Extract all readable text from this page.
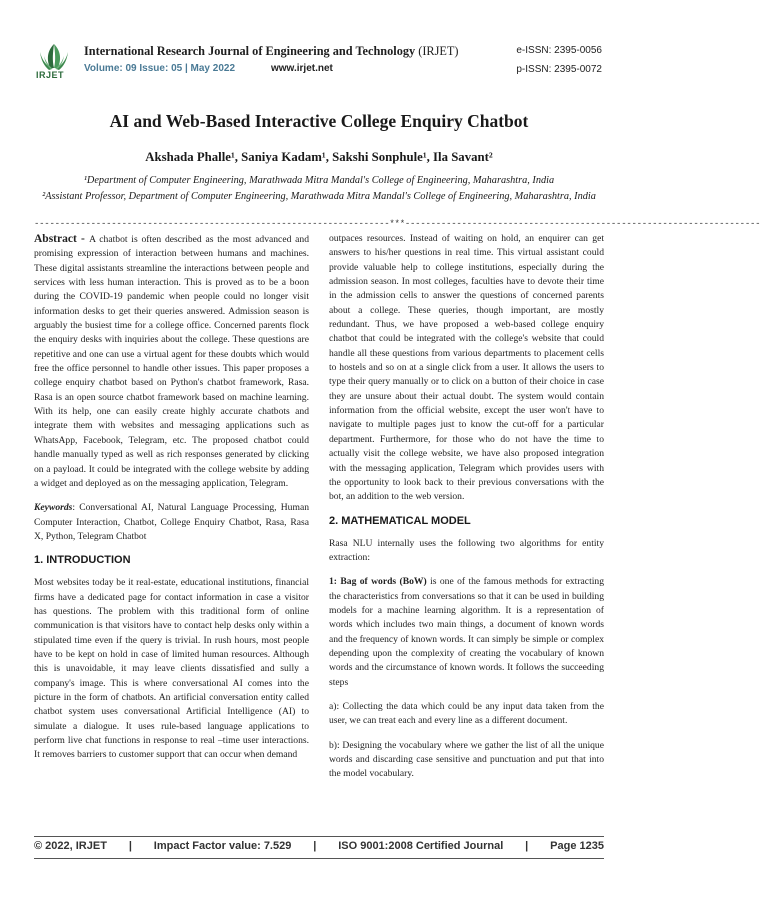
IRJET
International Research Journal of Engineering and Technology (IRJET)
Volume: 09 Issue: 05 | May 2022	www.irjet.net
e-ISSN: 2395-0056
p-ISSN: 2395-0072
AI and Web-Based Interactive College Enquiry Chatbot
Akshada Phalle¹, Saniya Kadam¹, Sakshi Sonphule¹, Ila Savant²
¹Department of Computer Engineering, Marathwada Mitra Mandal's College of Engineering, Maharashtra, India
²Assistant Professor, Department of Computer Engineering, Marathwada Mitra Mandal's College of Engineering, Maharashtra, India
---------------------------------------------------------------------***---------------------------------------------------------------------

Abstract - A chatbot is often described as the most advanced and promising expression of interaction between humans and machines. These digital assistants streamline the interactions between people and services with less human interaction. This is proved as to be a boon during the COVID-19 pandemic when people could no longer visit information desks to get their queries answered. Admission season is arguably the busiest time for a college office. Concerned parents flock the enquiry desks with inquiries about the college. These questions are repetitive and one can use a virtual agent for these doubts which would free the office personnel to handle other issues. This paper proposes a college enquiry chatbot based on Python's chatbot framework, Rasa. Rasa is an open source chatbot framework based on machine learning. With its help, one can easily create highly accurate chatbots and integrate them with websites and messaging applications such as WhatsApp, Facebook, Telegram, etc. The proposed chatbot could handle manually typed as well as rich responses generated by clicking on a payload. It could be integrated with the college website by adding a widget and deployed as on the messaging application, Telegram.

Keywords: Conversational AI, Natural Language Processing, Human Computer Interaction, Chatbot, College Enquiry Chatbot, Rasa, Rasa X, Python, Telegram Chatbot

1. INTRODUCTION

Most websites today be it real-estate, educational institutions, financial firms have a dedicated page for contact information in case a visitor has questions. The problem with this traditional form of online communication is that visitors have to contact help desks only within a stipulated time even if the query is trivial. In rush hours, most people have to be kept on hold in case of limited human resources. Although this is unavoidable, it may leave clients dissatisfied and sully a company's image. This is where conversational AI comes into the picture in the form of chatbots. An artificial conversation entity called chatbot system uses conversational Artificial Intelligence (AI) to simulate a dialogue. It uses rule-based language applications to perform live chat functions in response to real –time user interactions. It removes barriers to customer support that can occur when demand

outpaces resources. Instead of waiting on hold, an enquirer can get answers to his/her questions in real time. This virtual assistant could provide valuable help to college institutions, especially during the admission season. In most colleges, faculties have to devote their time in the admission cells to answer the questions of concerned parents about a college. These queries, though important, are mostly redundant. Thus, we have proposed a web-based college enquiry chatbot that could be integrated with the college's website that could handle all these questions from various departments to placement cells to hostels and so on at a single click from a user. It allows the users to type their query manually or to click on a button of their choice in case they are unsure about their actual doubt. The system would contain information from the official website, except the user won't have to navigate to multiple pages just to know the cut-off for a particular department. Furthermore, for those who do not have the time to actually visit the college website, we have also proposed integration with the messaging application, Telegram which provides users with the opportunity to look back to their previous conversations with the bot, an addition to the web version.

2. MATHEMATICAL MODEL

Rasa NLU internally uses the following two algorithms for entity extraction:

1: Bag of words (BoW) is one of the famous methods for extracting the characteristics from conversations so that it can be used in building models for a machine learning algorithm. It is a representation of words which includes two main things, a document of known words and the frequency of known words. It can simply be simple or complex depending upon the complexity of creating the vocabulary of known words and the circumstance of known words. It follows the succeeding steps

a): Collecting the data which could be any input data taken from the user, we can treat each and every line as a different document.

b): Designing the vocabulary where we gather the list of all the unique words and discarding case sensitive and punctuation and put that into the model vocabulary.

© 2022, IRJET | Impact Factor value: 7.529 | ISO 9001:2008 Certified Journal | Page 1235
